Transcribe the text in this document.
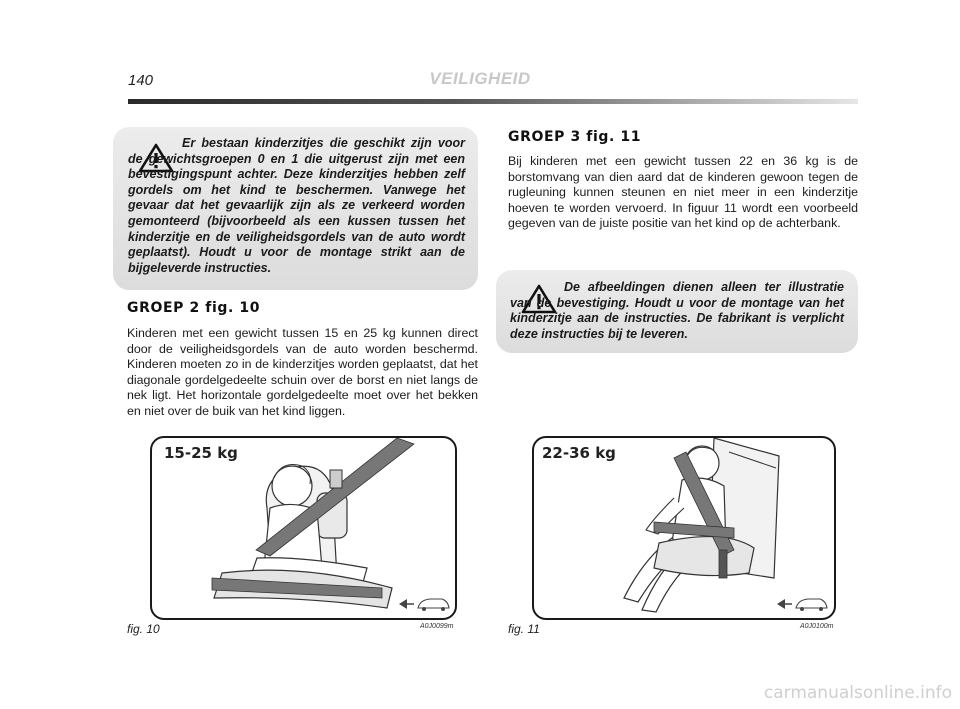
140	VEILIGHEID

Er bestaan kinderzitjes die geschikt zijn voor de gewichtsgroepen 0 en 1 die uitgerust zijn met een bevestigingspunt achter. Deze kinderzitjes hebben zelf gordels om het kind te beschermen. Vanwege het gevaar dat het gevaarlijk zijn als ze verkeerd worden gemonteerd (bijvoorbeeld als een kussen tussen het kinderzitje en de veiligheidsgordels van de auto wordt geplaatst). Houdt u voor de montage strikt aan de bijgeleverde instructies.

GROEP 2 fig. 10

Kinderen met een gewicht tussen 15 en 25 kg kunnen direct door de veiligheidsgordels van de auto worden beschermd. Kinderen moeten zo in de kinderzitjes worden geplaatst, dat het diagonale gordelgedeelte schuin over de borst en niet langs de nek ligt. Het horizontale gordelgedeelte moet over het bekken en niet over de buik van het kind liggen.

GROEP 3 fig. 11

Bij kinderen met een gewicht tussen 22 en 36 kg is de borstomvang van dien aard dat de kinderen gewoon tegen de rugleuning kunnen steunen en niet meer in een kinderzitje hoeven te worden vervoerd. In figuur 11 wordt een voorbeeld gegeven van de juiste positie van het kind op de achterbank.

De afbeeldingen dienen alleen ter illustratie van de bevestiging. Houdt u voor de montage van het kinderzitje aan de instructies. De fabrikant is verplicht deze instructies bij te leveren.

15-25 kg
fig. 10	A0J0099m
22-36 kg
fig. 11	A0J0100m
carmanualsonline.info
